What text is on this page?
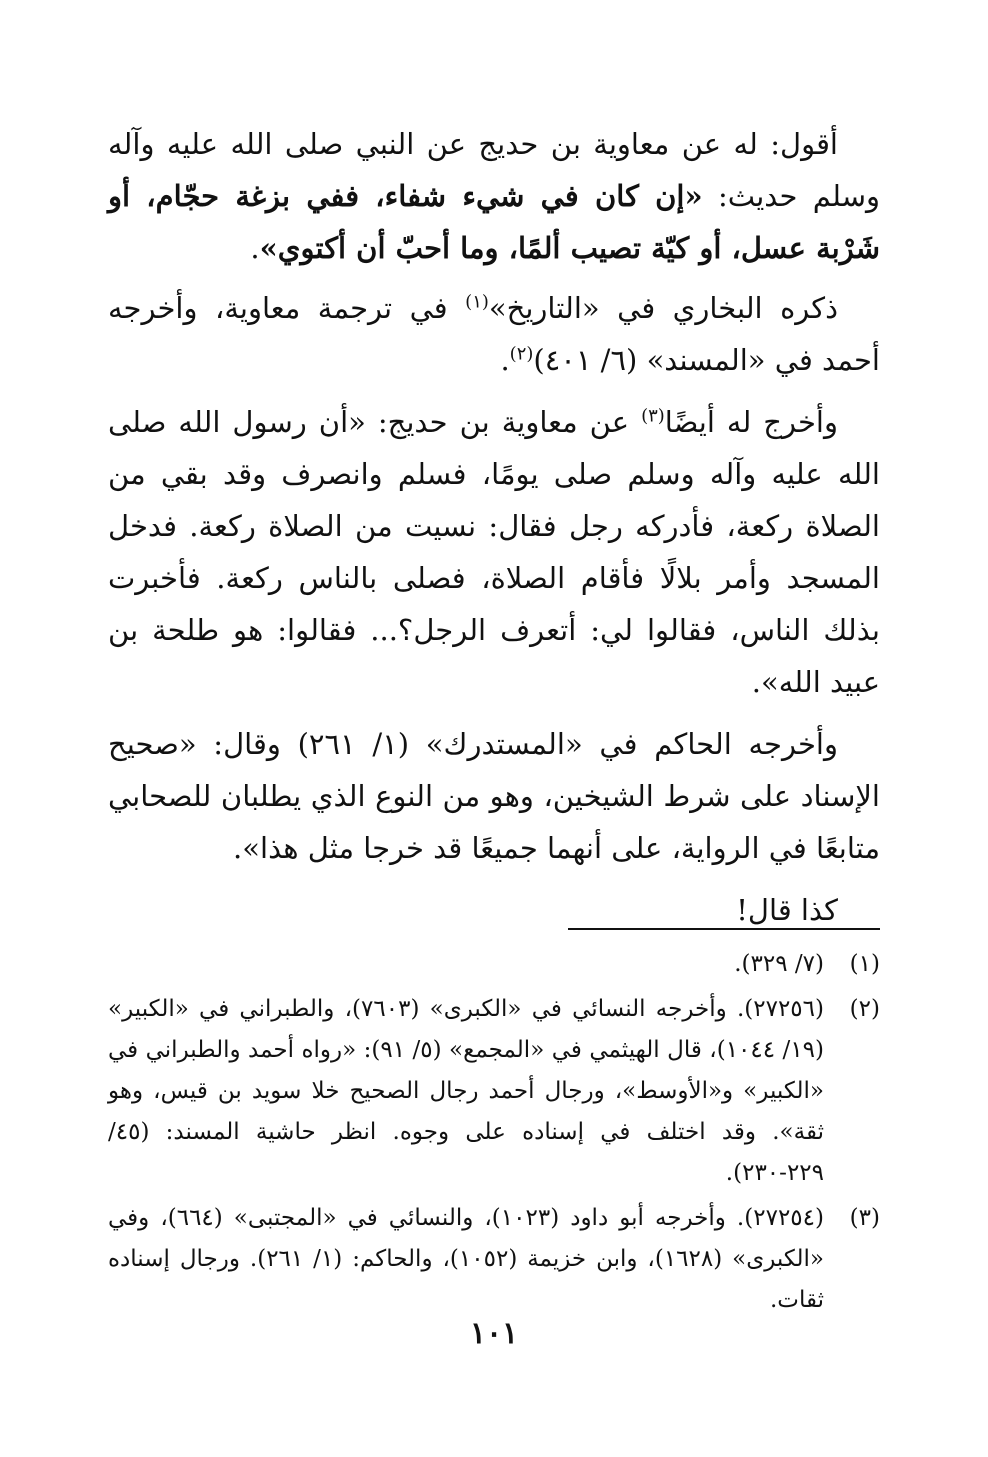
أقول: له عن معاوية بن حديج عن النبي صلى الله عليه وآله وسلم حديث: «إن كان في شيء شفاء، ففي بزغة حجّام، أو شَرْبة عسل، أو كيّة تصيب ألمًا، وما أحبّ أن أكتوي».

ذكره البخاري في «التاريخ»$^{(١)}$ في ترجمة معاوية، وأخرجه أحمد في «المسند» (٦/ ٤٠١)$^{(٢)}$.

وأخرج له أيضًا$^{(٣)}$ عن معاوية بن حديج: «أن رسول الله صلى الله عليه وآله وسلم صلى يومًا، فسلم وانصرف وقد بقي من الصلاة ركعة، فأدركه رجل فقال: نسيت من الصلاة ركعة. فدخل المسجد وأمر بلالًا فأقام الصلاة، فصلى بالناس ركعة. فأخبرت بذلك الناس، فقالوا لي: أتعرف الرجل؟... فقالوا: هو طلحة بن عبيد الله».

وأخرجه الحاكم في «المستدرك» (١/ ٢٦١) وقال: «صحيح الإسناد على شرط الشيخين، وهو من النوع الذي يطلبان للصحابي متابعًا في الرواية، على أنهما جميعًا قد خرجا مثل هذا».

كذا قال!

(١)
(٧/ ٣٢٩).
(٢)
(٢٧٢٥٦). وأخرجه النسائي في «الكبرى» (٧٦٠٣)، والطبراني في «الكبير» (١٩/ ١٠٤٤)، قال الهيثمي في «المجمع» (٥/ ٩١): «رواه أحمد والطبراني في «الكبير» و«الأوسط»، ورجال أحمد رجال الصحيح خلا سويد بن قيس، وهو ثقة». وقد اختلف في إسناده على وجوه. انظر حاشية المسند: (٤٥/ ٢٢٩-٢٣٠).
(٣)
(٢٧٢٥٤). وأخرجه أبو داود (١٠٢٣)، والنسائي في «المجتبى» (٦٦٤)، وفي «الكبرى» (١٦٢٨)، وابن خزيمة (١٠٥٢)، والحاكم: (١/ ٢٦١). ورجال إسناده ثقات.
١٠١
